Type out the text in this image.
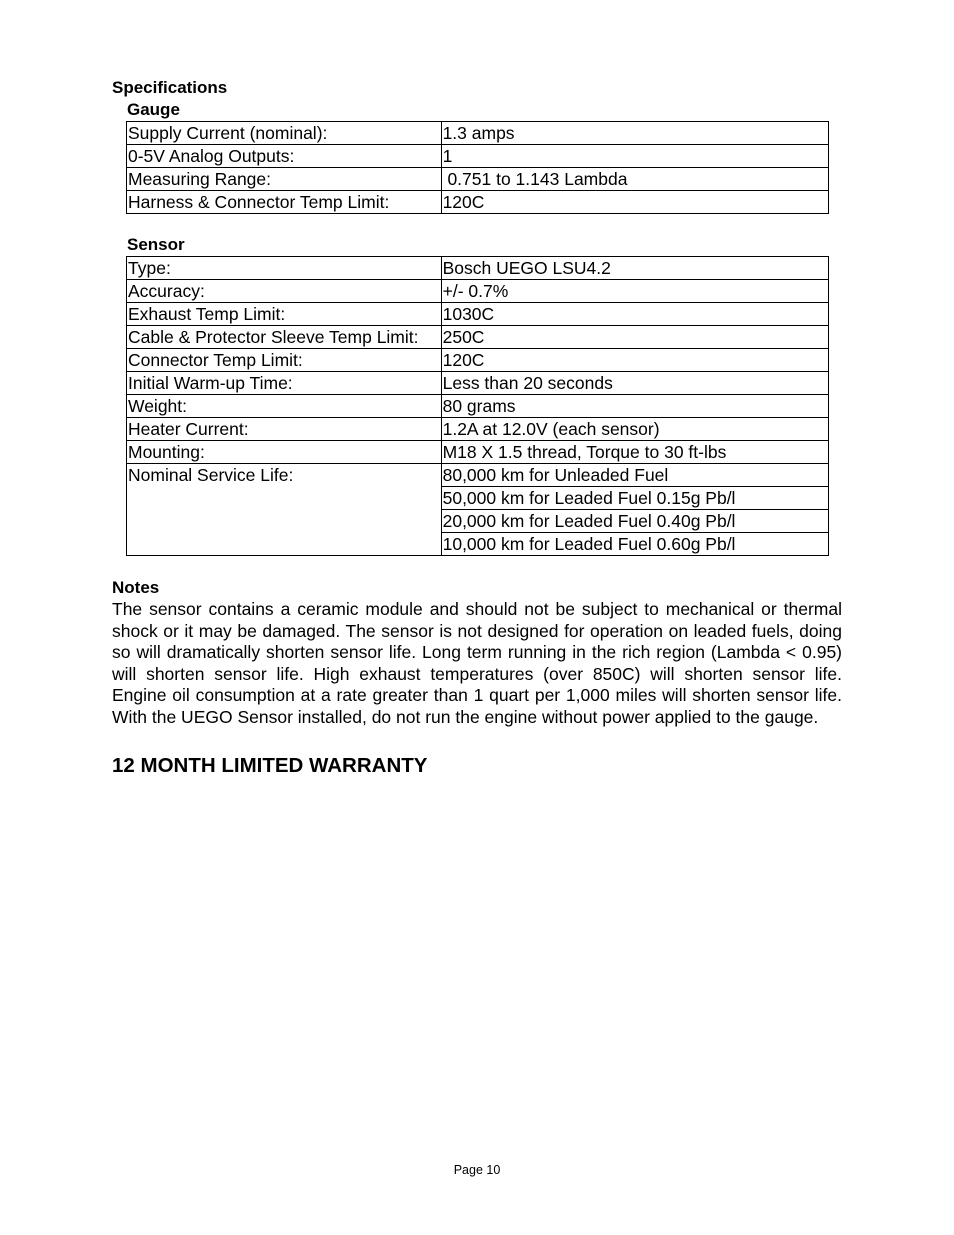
Specifications
Gauge
Supply Current (nominal):	1.3 amps
0-5V Analog Outputs:	1
Measuring Range:	0.751 to 1.143 Lambda
Harness & Connector Temp Limit:	120C
Sensor
Type:	Bosch UEGO LSU4.2
Accuracy:	+/- 0.7%
Exhaust Temp Limit:	1030C
Cable & Protector Sleeve Temp Limit:	250C
Connector Temp Limit:	120C
Initial Warm-up Time:	Less than 20 seconds
Weight:	80 grams
Heater Current:	1.2A at 12.0V (each sensor)
Mounting:	M18 X 1.5 thread, Torque to 30 ft-lbs
Nominal Service Life:	80,000 km for Unleaded Fuel
	50,000 km for Leaded Fuel 0.15g Pb/l
	20,000 km for Leaded Fuel 0.40g Pb/l
	10,000 km for Leaded Fuel 0.60g Pb/l
Notes

The sensor contains a ceramic module and should not be subject to mechanical or thermal shock or it may be damaged. The sensor is not designed for operation on leaded fuels, doing so will dramatically shorten sensor life. Long term running in the rich region (Lambda < 0.95) will shorten sensor life. High exhaust temperatures (over 850C) will shorten sensor life. Engine oil consumption at a rate greater than 1 quart per 1,000 miles will shorten sensor life. With the UEGO Sensor installed, do not run the engine without power applied to the gauge.

12 MONTH LIMITED WARRANTY
Page 10
